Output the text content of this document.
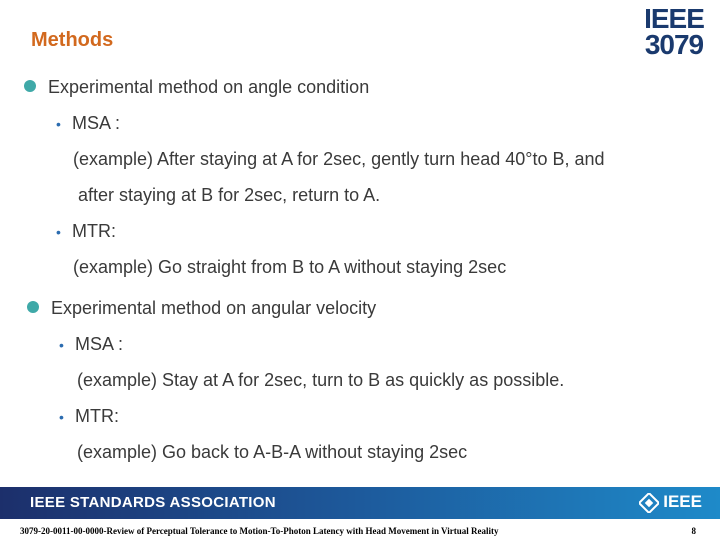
Methods
IEEE
3079
Experimental method on angle condition
• MSA :
(example) After staying at A for 2sec, gently turn head 40°to B, and
after staying at B for 2sec, return to A.
• MTR:
(example) Go straight from B to A without staying 2sec
Experimental method on angular velocity
• MSA :
(example) Stay at A for 2sec, turn to B as quickly as possible.
• MTR:
(example) Go back to A-B-A without staying 2sec
IEEE STANDARDS ASSOCIATION	IEEE
3079-20-0011-00-0000-Review of Perceptual Tolerance to Motion-To-Photon Latency with Head Movement in Virtual Reality	8
